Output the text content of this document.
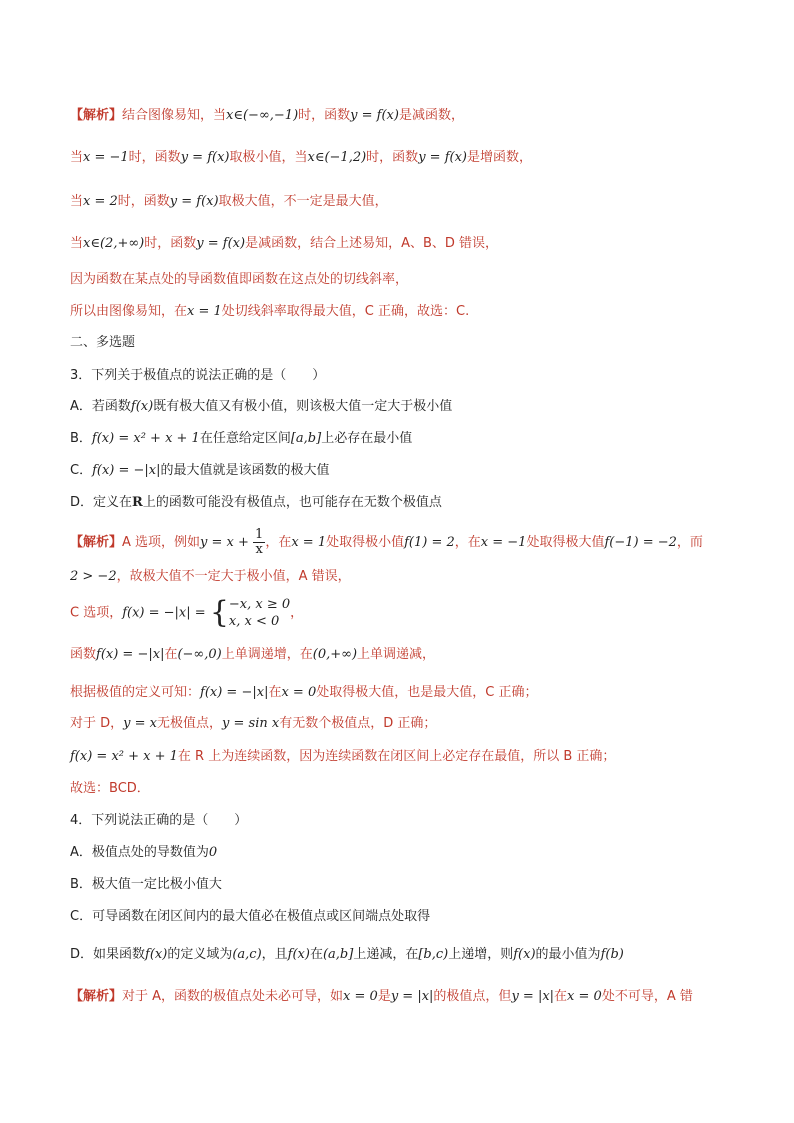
【解析】结合图像易知，当x∈(−∞,−1)时，函数y = f(x)是减函数，
当x = −1时，函数y = f(x)取极小值，当x∈(−1,2)时，函数y = f(x)是增函数，
当x = 2时，函数y = f(x)取极大值，不一定是最大值，
当x∈(2,+∞)时，函数y = f(x)是减函数，结合上述易知，A、B、D 错误，
因为函数在某点处的导函数值即函数在这点处的切线斜率，
所以由图像易知，在x = 1处切线斜率取得最大值，C 正确，故选：C.
二、多选题
3．下列关于极值点的说法正确的是（　　）
A．若函数f(x)既有极大值又有极小值，则该极大值一定大于极小值
B．f(x) = x² + x + 1在任意给定区间[a,b]上必存在最小值
C．f(x) = −|x|的最大值就是该函数的极大值
D．定义在R上的函数可能没有极值点，也可能存在无数个极值点
【解析】A 选项，例如$y = x + \frac{1}{x}$ ，在x = 1处取得极小值f(1) = 2，在x = −1处取得极大值f(−1) = −2，而
2 > −2，故极大值不一定大于极小值，A 错误，
C 选项，f(x) = −|x| = { −x, x ≥ 0
x, x < 0
，
函数f(x) = −|x|在(−∞,0)上单调递增，在(0,+∞)上单调递减，
根据极值的定义可知：f(x) = −|x|在x = 0处取得极大值，也是最大值，C 正确；
对于 D，y = x无极值点，y = sin x有无数个极值点，D 正确；
f(x) = x² + x + 1在 R 上为连续函数，因为连续函数在闭区间上必定存在最值，所以 B 正确；
故选：BCD．
4．下列说法正确的是（　　）
A．极值点处的导数值为0
B．极大值一定比极小值大
C．可导函数在闭区间内的最大值必在极值点或区间端点处取得
D．如果函数f(x)的定义域为(a,c)，且f(x)在(a,b]上递减，在[b,c)上递增，则f(x)的最小值为f(b)
【解析】对于 A，函数的极值点处未必可导，如x = 0是y = |x|的极值点，但y = |x|在x = 0处不可导，A 错
